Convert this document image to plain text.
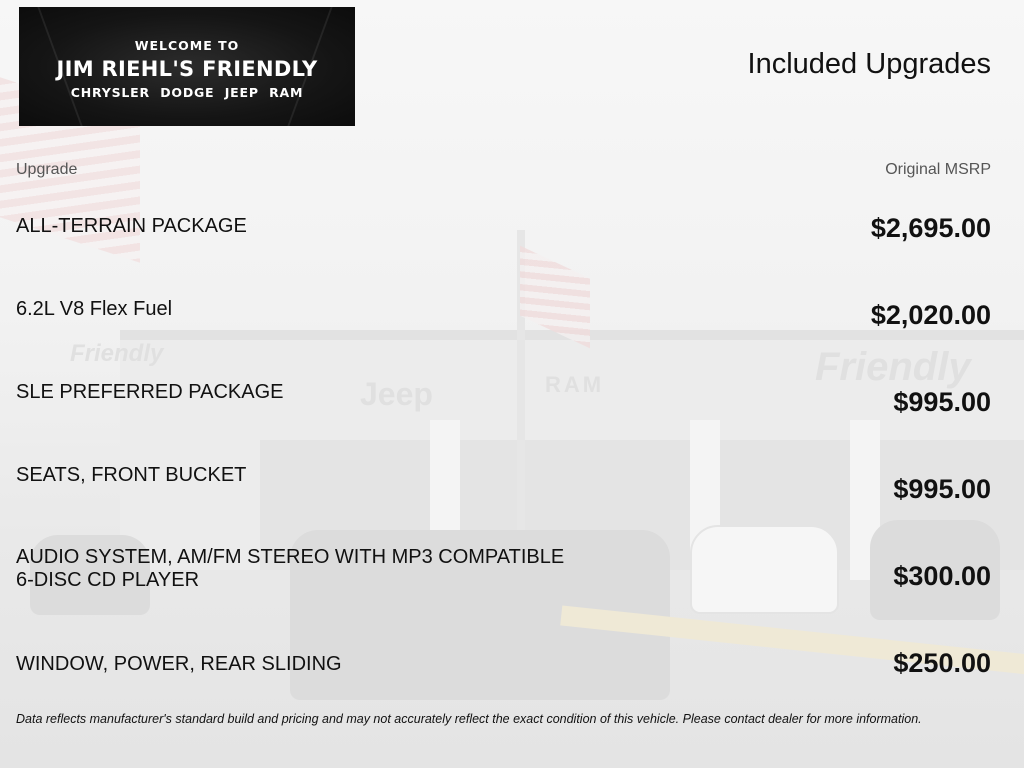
Jeep
Friendly
Friendly
RAM
WELCOME TO
JIM RIEHL'S FRIENDLY
CHRYSLER  DODGE  JEEP  RAM
Included Upgrades
Upgrade	Original MSRP
ALL-TERRAIN PACKAGE	$2,695.00
6.2L V8 Flex Fuel	$2,020.00
SLE PREFERRED PACKAGE	$995.00
SEATS, FRONT BUCKET	$995.00
AUDIO SYSTEM, AM/FM STEREO WITH MP3 COMPATIBLE
6-DISC CD PLAYER	$300.00
WINDOW, POWER, REAR SLIDING	$250.00
Data reflects manufacturer's standard build and pricing and may not accurately reflect the exact condition of this vehicle. Please contact dealer for more information.
